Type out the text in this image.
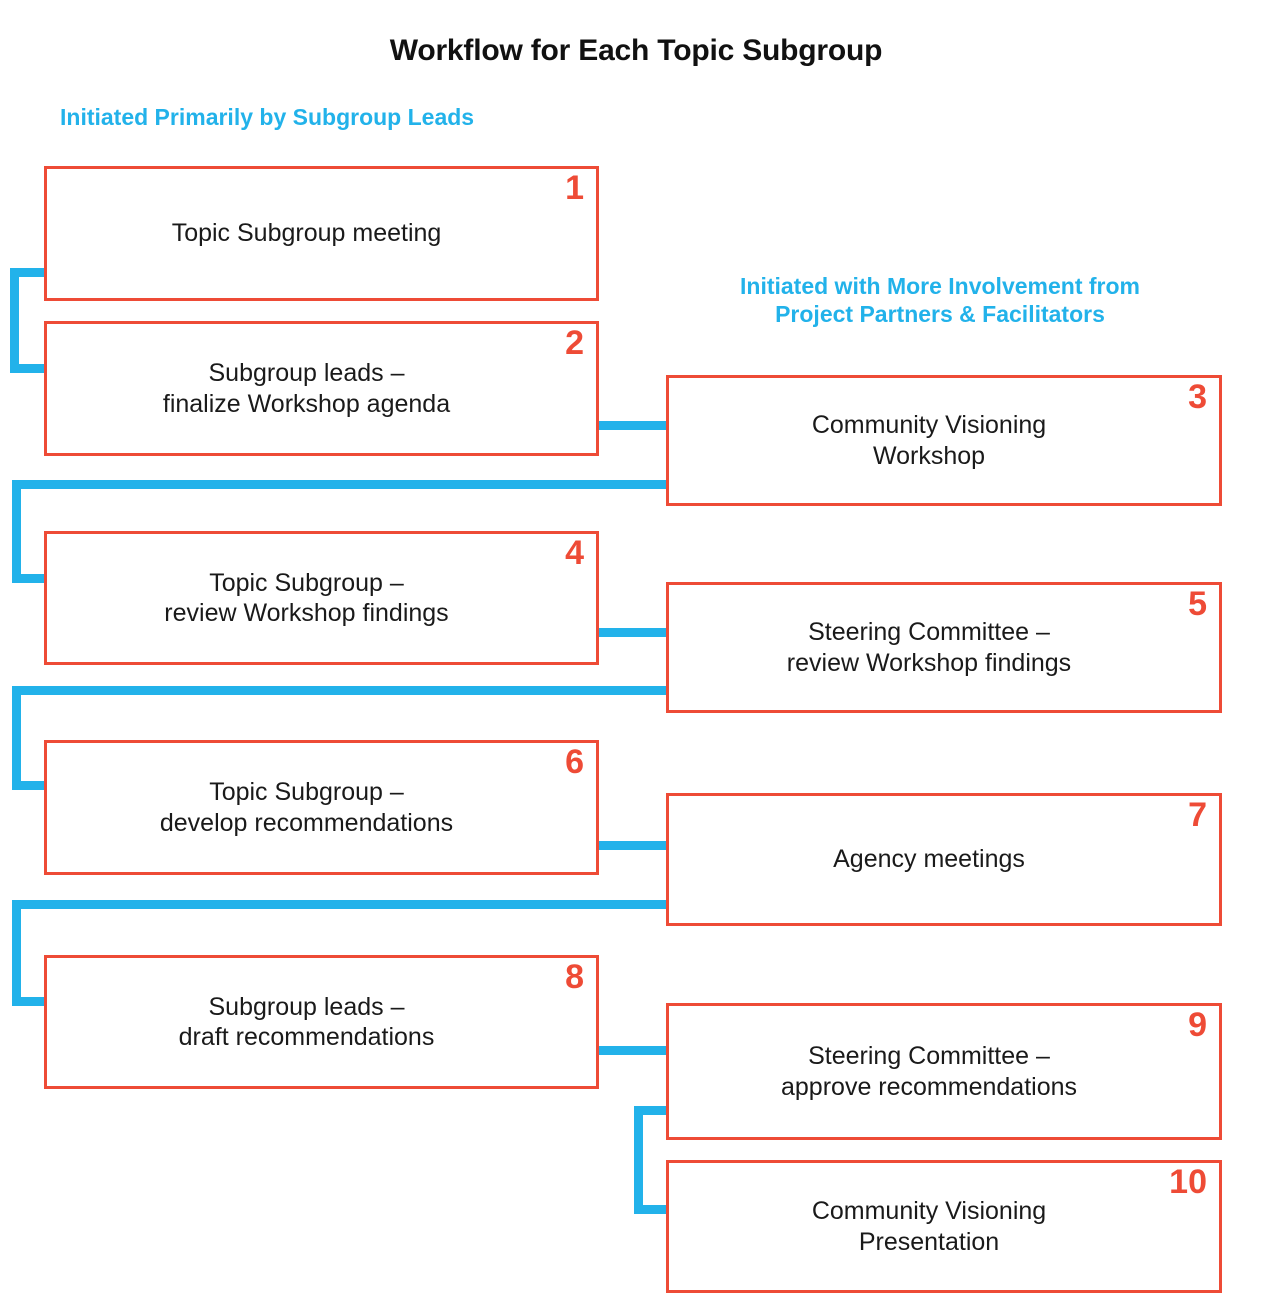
Workflow for Each Topic Subgroup
Initiated Primarily by Subgroup Leads
Initiated with More Involvement from
Project Partners & Facilitators
1
Topic Subgroup meeting
2
Subgroup leads –
finalize Workshop agenda	3
Community Visioning
Workshop
4
Topic Subgroup –
review Workshop findings	5
Steering Committee –
review Workshop findings
6
Topic Subgroup –
develop recommendations	7
Agency meetings
8
Subgroup leads –
draft recommendations	9
Steering Committee –
approve recommendations
10
Community Visioning
Presentation
